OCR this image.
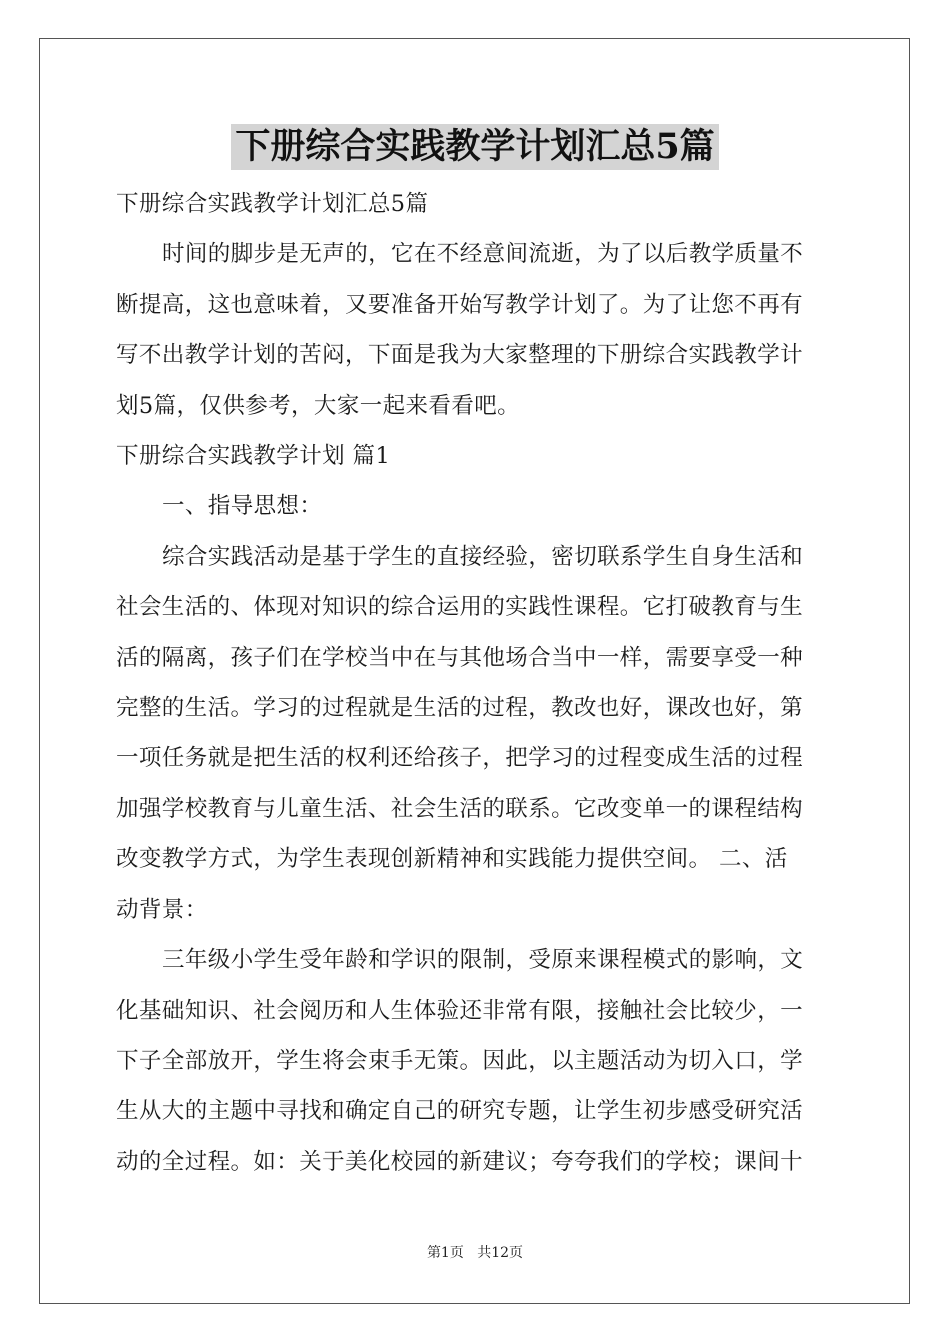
下册综合实践教学计划汇总5篇
下册综合实践教学计划汇总5篇
时间的脚步是无声的，它在不经意间流逝，为了以后教学质量不
断提高，这也意味着，又要准备开始写教学计划了。为了让您不再有
写不出教学计划的苦闷，下面是我为大家整理的下册综合实践教学计
划5篇，仅供参考，大家一起来看看吧。
下册综合实践教学计划 篇1
一、指导思想：
综合实践活动是基于学生的直接经验，密切联系学生自身生活和
社会生活的、体现对知识的综合运用的实践性课程。它打破教育与生
活的隔离，孩子们在学校当中在与其他场合当中一样，需要享受一种
完整的生活。学习的过程就是生活的过程，教改也好，课改也好，第
一项任务就是把生活的权利还给孩子，把学习的过程变成生活的过程
加强学校教育与儿童生活、社会生活的联系。它改变单一的课程结构
改变教学方式，为学生表现创新精神和实践能力提供空间。 二、活
动背景：
三年级小学生受年龄和学识的限制，受原来课程模式的影响，文
化基础知识、社会阅历和人生体验还非常有限，接触社会比较少，一
下子全部放开，学生将会束手无策。因此，以主题活动为切入口，学
生从大的主题中寻找和确定自己的研究专题，让学生初步感受研究活
动的全过程。如：关于美化校园的新建议；夸夸我们的学校；课间十
第1页 共12页
